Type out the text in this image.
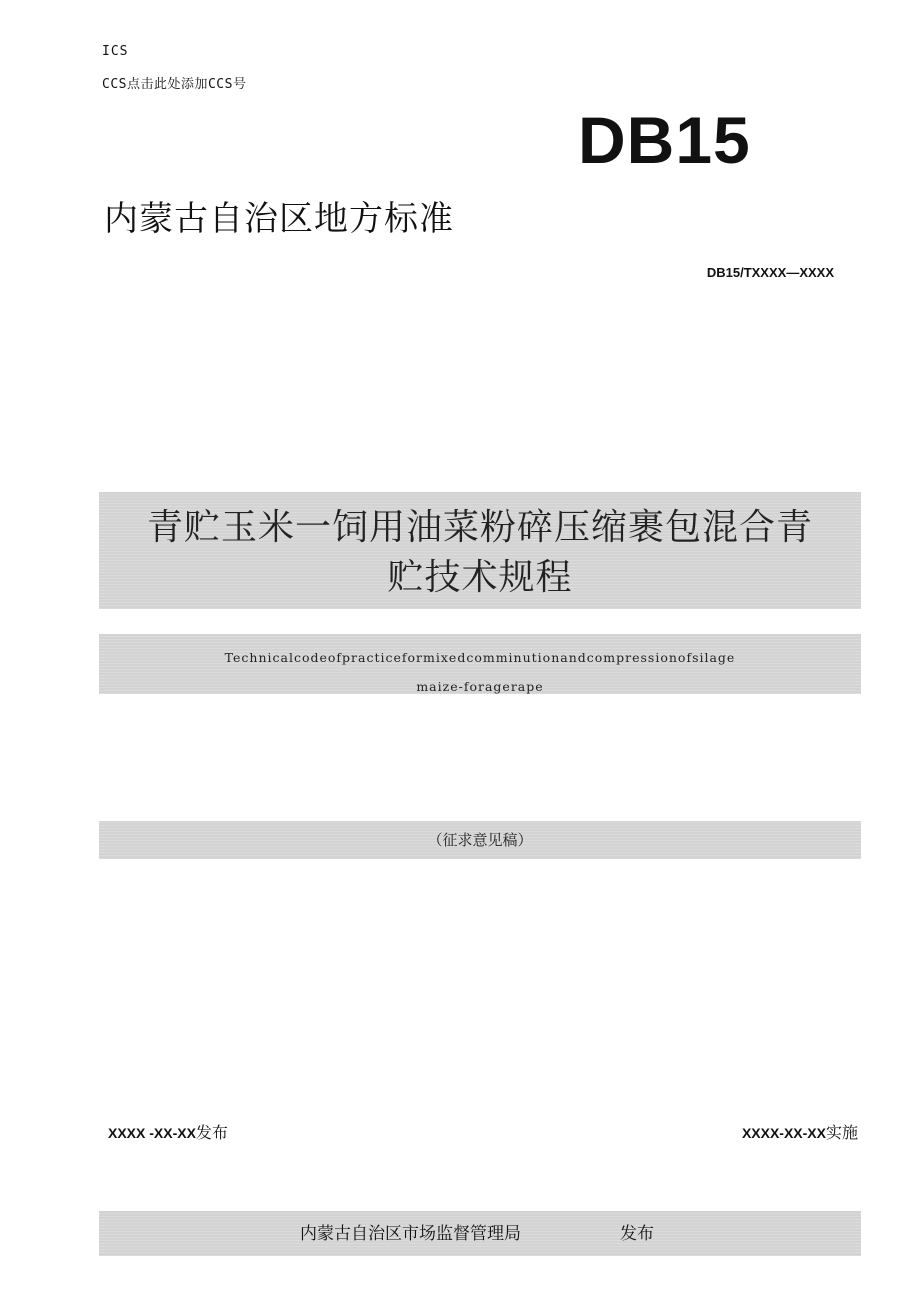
ICS
CCS点击此处添加CCS号
DB15
内蒙古自治区地方标准
DB15/TXXXX—XXXX
青贮玉米一饲用油菜粉碎压缩裹包混合青
贮技术规程
Technicalcodeofpracticeformixedcomminutionandcompressionofsilage
maize-foragerape
（征求意见稿）
XXXX -XX-XX发布	XXXX-XX-XX实施
内蒙古自治区市场监督管理局	发布
